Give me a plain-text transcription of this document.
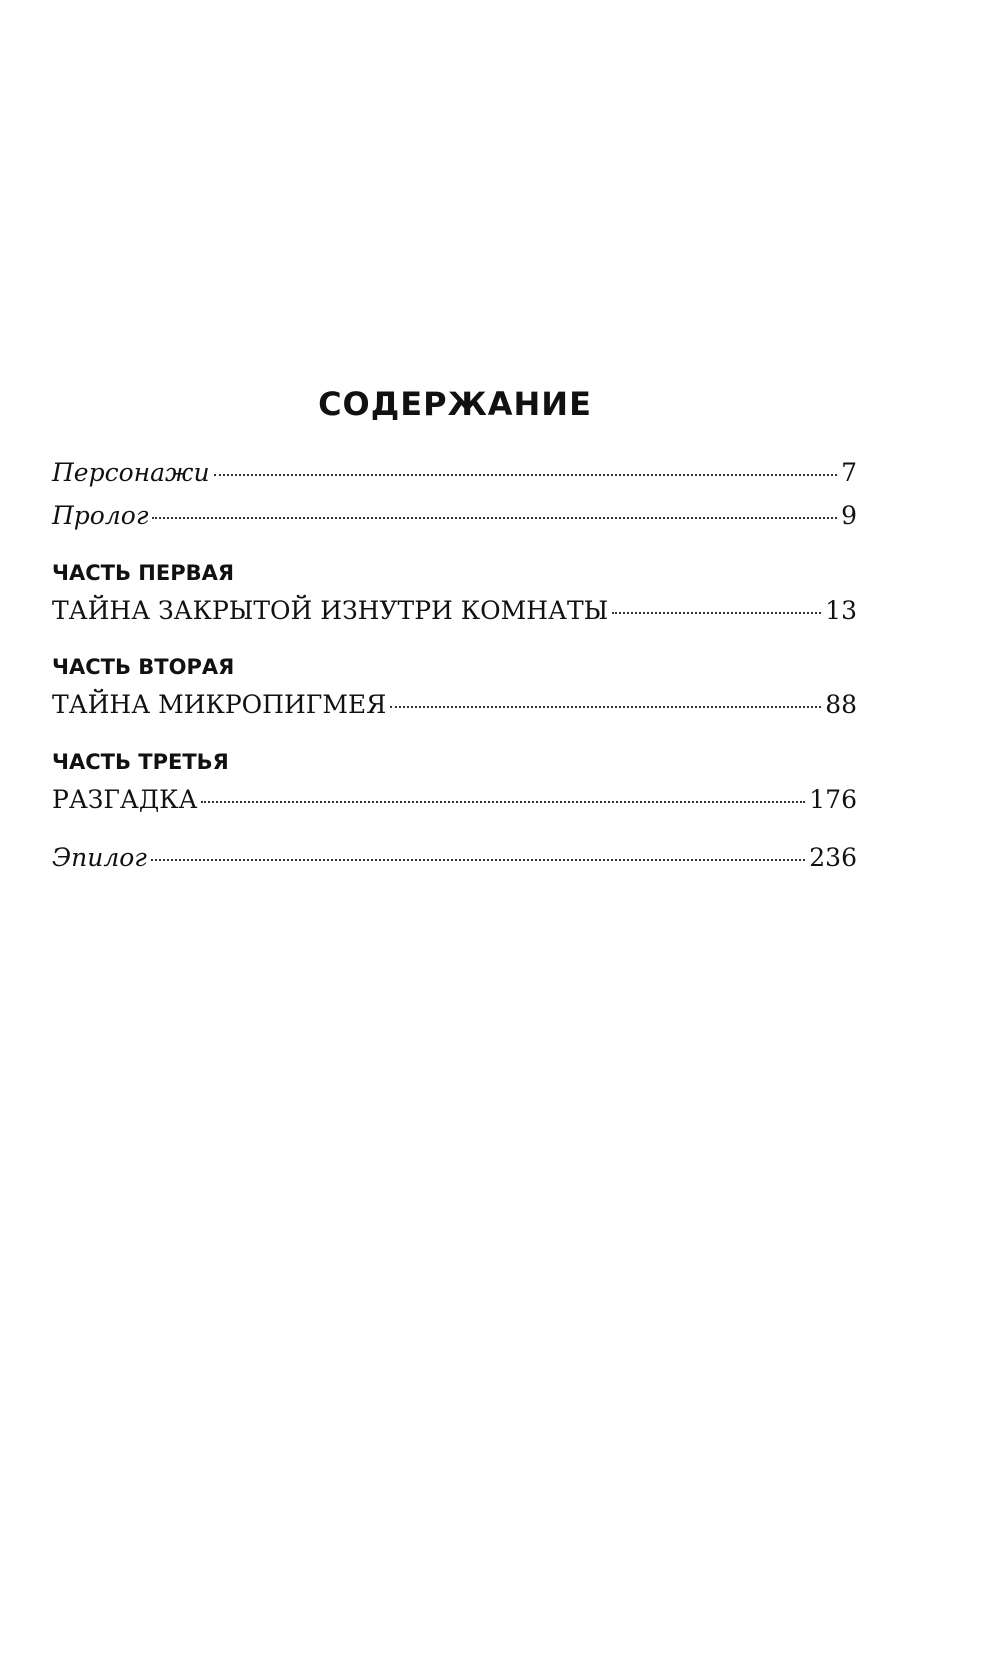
СОДЕРЖАНИЕ
Персонажи	7
Пролог	9
ЧАСТЬ ПЕРВАЯ
ТАЙНА ЗАКРЫТОЙ ИЗНУТРИ КОМНАТЫ	13
ЧАСТЬ ВТОРАЯ
ТАЙНА МИКРОПИГМЕЯ	88
ЧАСТЬ ТРЕТЬЯ
РАЗГАДКА	176
Эпилог	236
